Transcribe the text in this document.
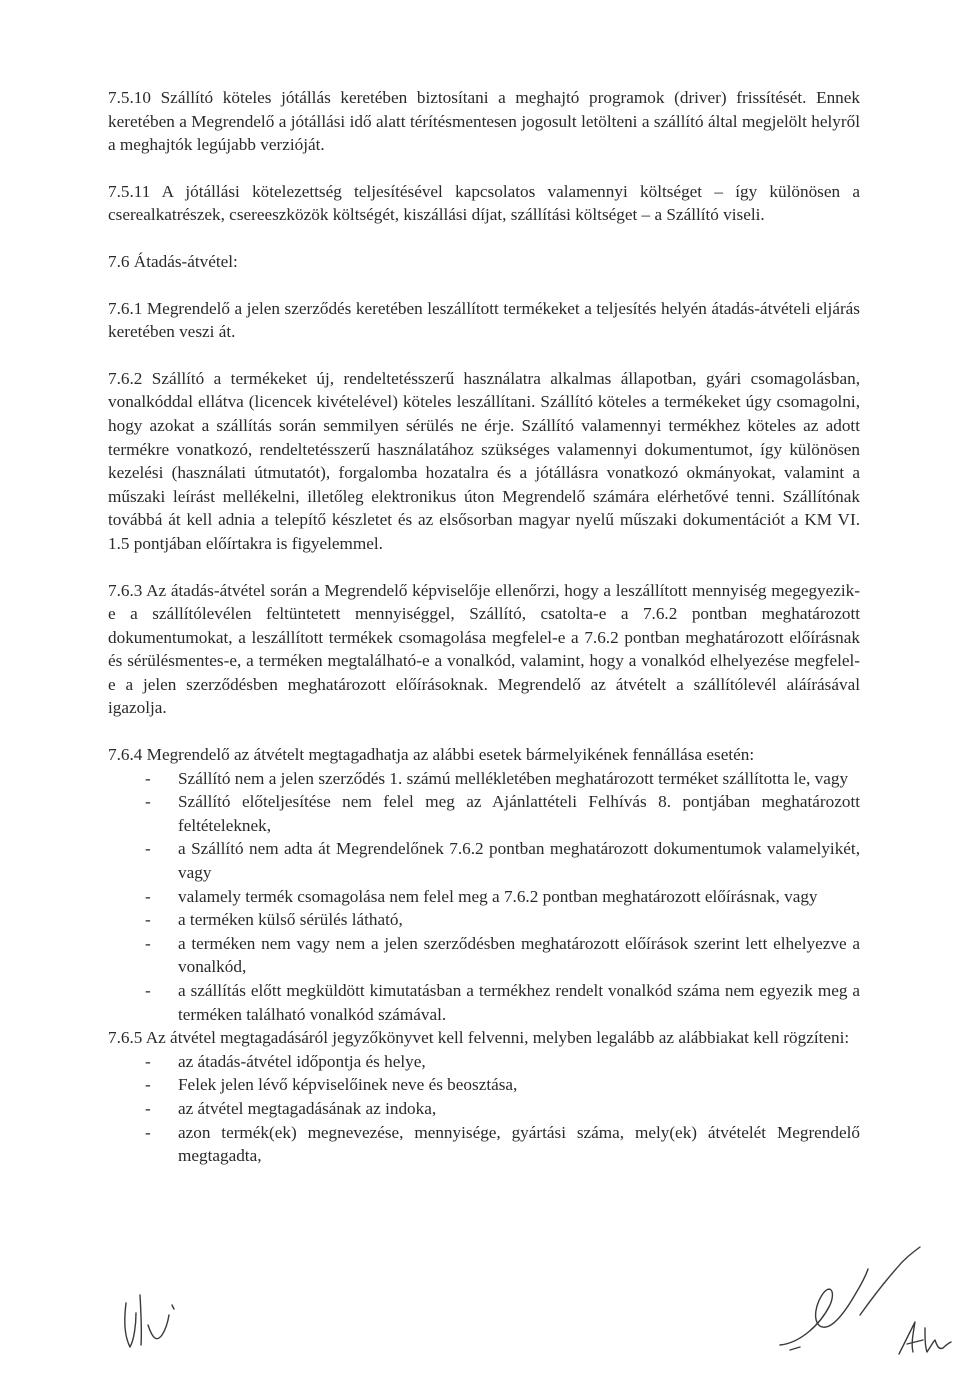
7.5.10 Szállító köteles jótállás keretében biztosítani a meghajtó programok (driver) frissítését. Ennek keretében a Megrendelő a jótállási idő alatt térítésmentesen jogosult letölteni a szállító által megjelölt helyről a meghajtók legújabb verzióját.

7.5.11 A jótállási kötelezettség teljesítésével kapcsolatos valamennyi költséget – így különösen a cserealkatrészek, csereeszközök költségét, kiszállási díjat, szállítási költséget – a Szállító viseli.

7.6 Átadás-átvétel:

7.6.1 Megrendelő a jelen szerződés keretében leszállított termékeket a teljesítés helyén átadás-átvételi eljárás keretében veszi át.

7.6.2 Szállító a termékeket új, rendeltetésszerű használatra alkalmas állapotban, gyári csomagolásban, vonalkóddal ellátva (licencek kivételével) köteles leszállítani. Szállító köteles a termékeket úgy csomagolni, hogy azokat a szállítás során semmilyen sérülés ne érje. Szállító valamennyi termékhez köteles az adott termékre vonatkozó, rendeltetésszerű használatához szükséges valamennyi dokumentumot, így különösen kezelési (használati útmutatót), forgalomba hozatalra és a jótállásra vonatkozó okmányokat, valamint a műszaki leírást mellékelni, illetőleg elektronikus úton Megrendelő számára elérhetővé tenni. Szállítónak továbbá át kell adnia a telepítő készletet és az elsősorban magyar nyelű műszaki dokumentációt a KM VI. 1.5 pontjában előírtakra is figyelemmel.

7.6.3 Az átadás-átvétel során a Megrendelő képviselője ellenőrzi, hogy a leszállított mennyiség megegyezik-e a szállítólevélen feltüntetett mennyiséggel, Szállító, csatolta-e a 7.6.2 pontban meghatározott dokumentumokat, a leszállított termékek csomagolása megfelel-e a 7.6.2 pontban meghatározott előírásnak és sérülésmentes-e, a terméken megtalálható-e a vonalkód, valamint, hogy a vonalkód elhelyezése megfelel-e a jelen szerződésben meghatározott előírásoknak. Megrendelő az átvételt a szállítólevél aláírásával igazolja.

7.6.4 Megrendelő az átvételt megtagadhatja az alábbi esetek bármelyikének fennállása esetén:

- Szállító nem a jelen szerződés 1. számú mellékletében meghatározott terméket szállította le, vagy
- Szállító előteljesítése nem felel meg az Ajánlattételi Felhívás 8. pontjában meghatározott feltételeknek,
- a Szállító nem adta át Megrendelőnek 7.6.2 pontban meghatározott dokumentumok valamelyikét, vagy
- valamely termék csomagolása nem felel meg a 7.6.2 pontban meghatározott előírásnak, vagy
- a terméken külső sérülés látható,
- a terméken nem vagy nem a jelen szerződésben meghatározott előírások szerint lett elhelyezve a vonalkód,
- a szállítás előtt megküldött kimutatásban a termékhez rendelt vonalkód száma nem egyezik meg a terméken található vonalkód számával.

7.6.5 Az átvétel megtagadásáról jegyzőkönyvet kell felvenni, melyben legalább az alábbiakat kell rögzíteni:

- az átadás-átvétel időpontja és helye,
- Felek jelen lévő képviselőinek neve és beosztása,
- az átvétel megtagadásának az indoka,
- azon termék(ek) megnevezése, mennyisége, gyártási száma, mely(ek) átvételét Megrendelő megtagadta,
